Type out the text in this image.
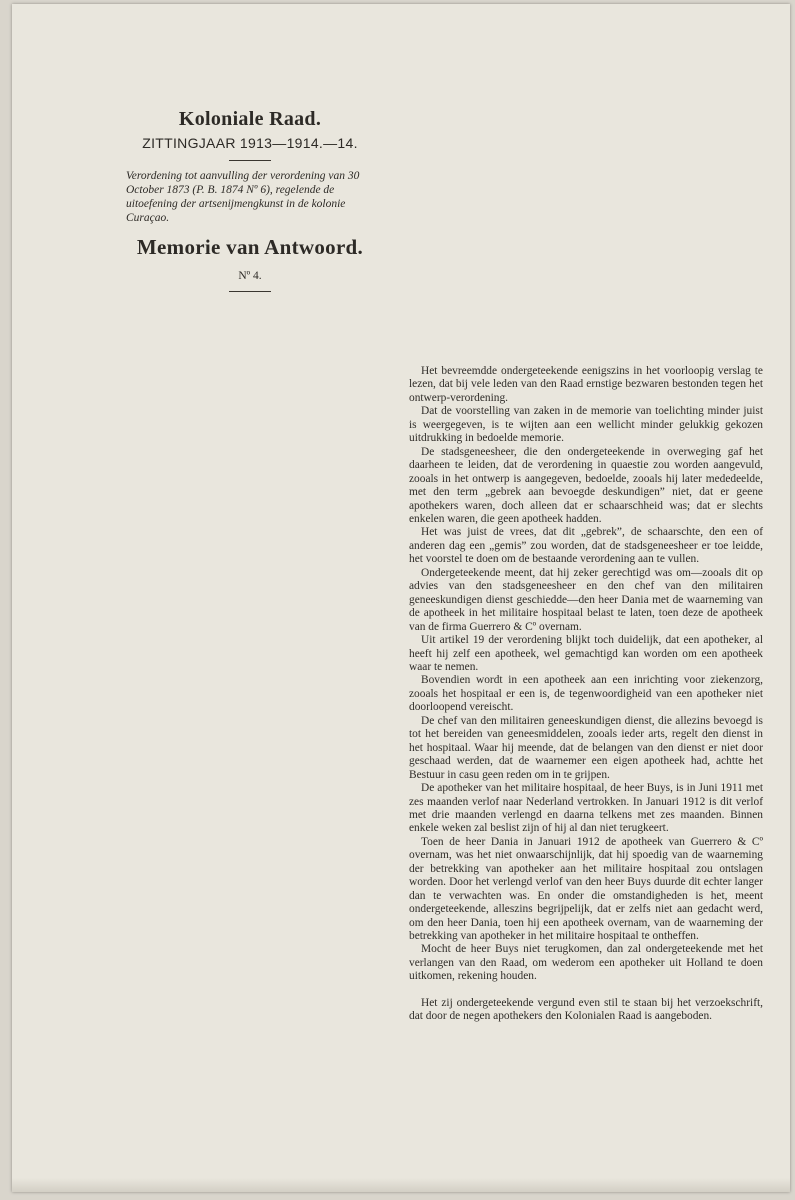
Koloniale Raad.
ZITTINGJAAR 1913—1914.—14.
Verordening tot aanvulling der verordening van 30 October 1873 (P. B. 1874 Nº 6), regelende de uitoefening der artsenijmengkunst in de kolonie Curaçao.
Memorie van Antwoord.
Nº 4.

Het bevreemdde ondergeteekende eenigszins in het voorloopig verslag te lezen, dat bij vele leden van den Raad ernstige bezwaren bestonden tegen het ontwerp-verordening.

Dat de voorstelling van zaken in de memorie van toelichting minder juist is weergegeven, is te wijten aan een wellicht minder gelukkig gekozen uitdrukking in bedoelde memorie.

De stadsgeneesheer, die den ondergeteekende in overweging gaf het daarheen te leiden, dat de verordening in quaestie zou worden aangevuld, zooals in het ontwerp is aangegeven, bedoelde, zooals hij later mededeelde, met den term „gebrek aan bevoegde deskundigen” niet, dat er geene apothekers waren, doch alleen dat er schaarschheid was; dat er slechts enkelen waren, die geen apotheek hadden.

Het was juist de vrees, dat dit „gebrek”, de schaarschte, den een of anderen dag een „gemis” zou worden, dat de stadsgeneesheer er toe leidde, het voorstel te doen om de bestaande verordening aan te vullen.

Ondergeteekende meent, dat hij zeker gerechtigd was om—zooals dit op advies van den stadsgeneesheer en den chef van den militairen geneeskundigen dienst geschiedde—den heer Dania met de waarneming van de apotheek in het militaire hospitaal belast te laten, toen deze de apotheek van de firma Guerrero & Cº overnam.

Uit artikel 19 der verordening blijkt toch duidelijk, dat een apotheker, al heeft hij zelf een apotheek, wel gemachtigd kan worden om een apotheek waar te nemen.

Bovendien wordt in een apotheek aan een inrichting voor ziekenzorg, zooals het hospitaal er een is, de tegenwoordigheid van een apotheker niet doorloopend vereischt.

De chef van den militairen geneeskundigen dienst, die allezins bevoegd is tot het bereiden van geneesmiddelen, zooals ieder arts, regelt den dienst in het hospitaal. Waar hij meende, dat de belangen van den dienst er niet door geschaad werden, dat de waarnemer een eigen apotheek had, achtte het Bestuur in casu geen reden om in te grijpen.

De apotheker van het militaire hospitaal, de heer Buys, is in Juni 1911 met zes maanden verlof naar Nederland vertrokken. In Januari 1912 is dit verlof met drie maanden verlengd en daarna telkens met zes maanden. Binnen enkele weken zal beslist zijn of hij al dan niet terugkeert.

Toen de heer Dania in Januari 1912 de apotheek van Guerrero & Cº overnam, was het niet onwaarschijnlijk, dat hij spoedig van de waarneming der betrekking van apotheker aan het militaire hospitaal zou ontslagen worden. Door het verlengd verlof van den heer Buys duurde dit echter langer dan te verwachten was. En onder die omstandigheden is het, meent ondergeteekende, alleszins begrijpelijk, dat er zelfs niet aan gedacht werd, om den heer Dania, toen hij een apotheek overnam, van de waarneming der betrekking van apotheker in het militaire hospitaal te ontheffen.

Mocht de heer Buys niet terugkomen, dan zal ondergeteekende met het verlangen van den Raad, om wederom een apotheker uit Holland te doen uitkomen, rekening houden.

Het zij ondergeteekende vergund even stil te staan bij het verzoekschrift, dat door de negen apothekers den Kolonialen Raad is aangeboden.
